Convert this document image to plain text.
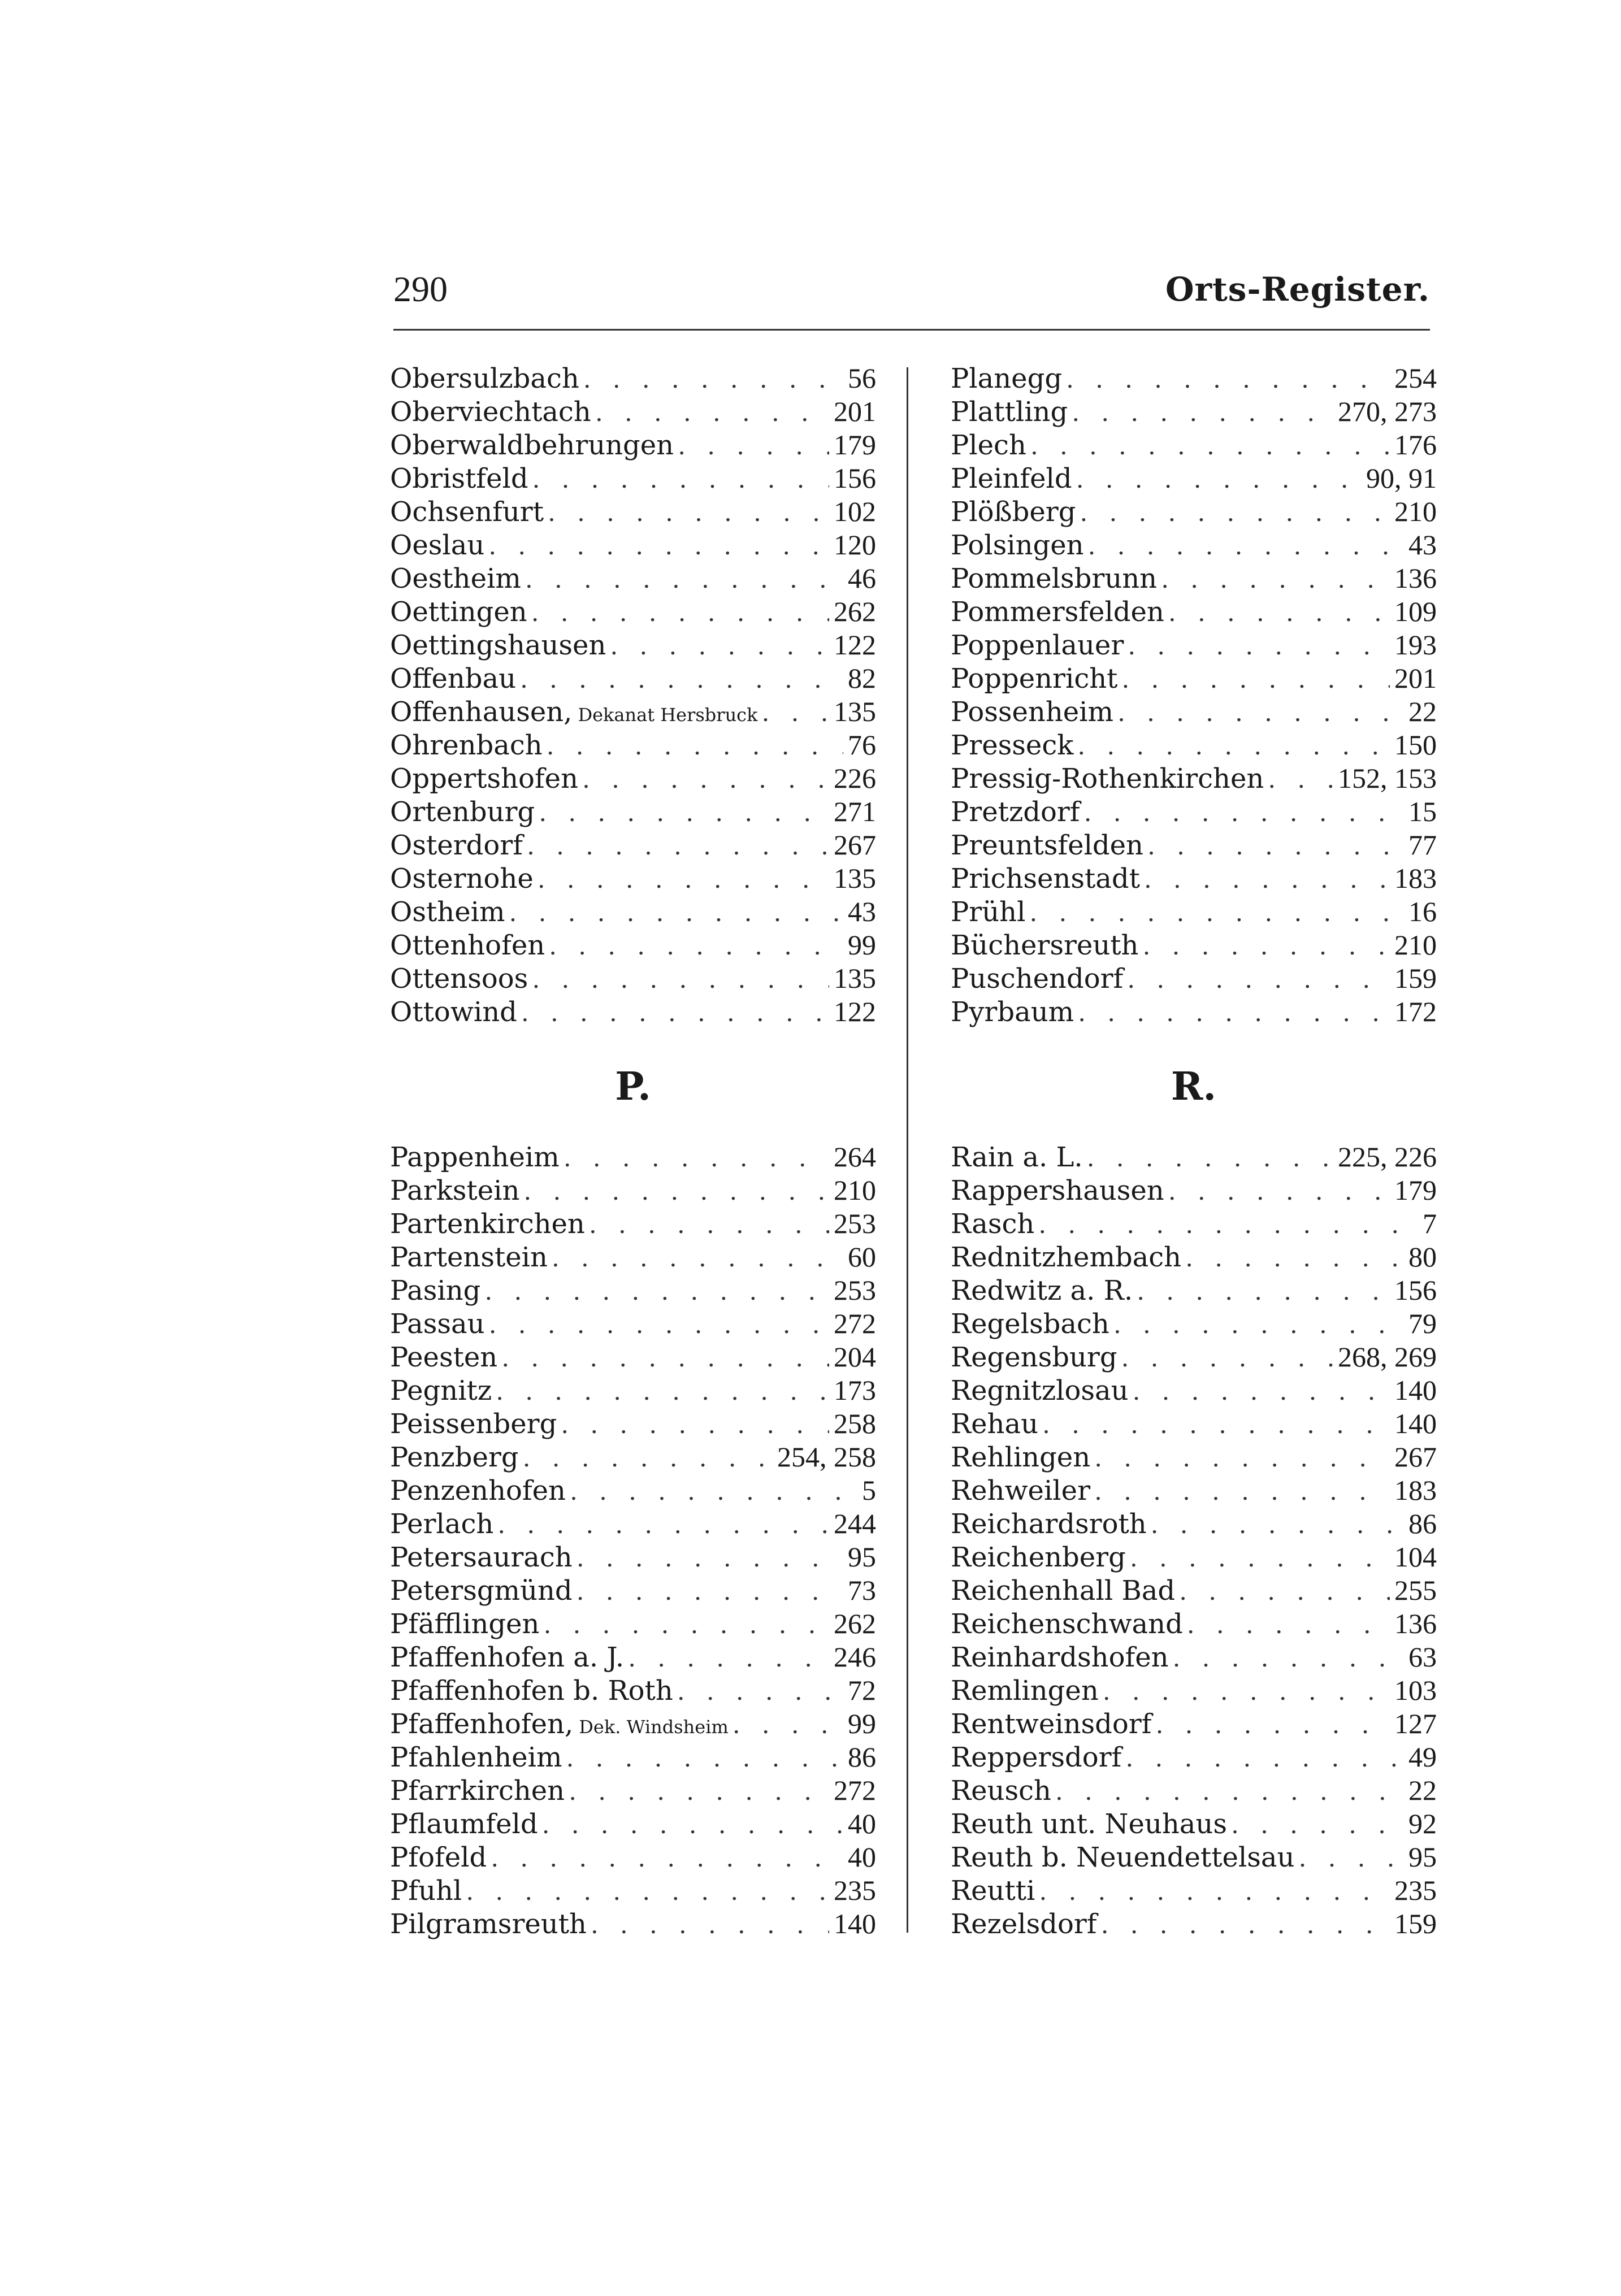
290	Orts-Register.
Obersulzbach . . .	56
Oberviechtach . . .	201
Oberwaldbehrungen . . .	179
Obristfeld . . .	156
Ochsenfurt . . .	102
Oeslau . . .	120
Oestheim . . .	46
Oettingen . . .	262
Oettingshausen . . .	122
Offenbau . . .	82
Offenhausen, Dekanat Hersbruck . . .	135
Ohrenbach . . .	76
Oppertshofen . . .	226
Ortenburg . . .	271
Osterdorf . . .	267
Osternohe . . .	135
Ostheim . . .	43
Ottenhofen . . .	99
Ottensoos . . .	135
Ottowind . . .	122
Planegg . . .	254
Plattling . . .	270, 273
Plech . . .	176
Pleinfeld . . .	90, 91
Plößberg . . .	210
Polsingen . . .	43
Pommelsbrunn . . .	136
Pommersfelden . . .	109
Poppenlauer . . .	193
Poppenricht . . .	201
Possenheim . . .	22
Presseck . . .	150
Pressig-Rothenkirchen . . .	152, 153
Pretzdorf . . .	15
Preuntsfelden . . .	77
Prichsenstadt . . .	183
Prühl . . .	16
Büchersreuth . . .	210
Puschendorf . . .	159
Pyrbaum . . .	172
P.	R.
Pappenheim . . .	264
Parkstein . . .	210
Partenkirchen . . .	253
Partenstein . . .	60
Pasing . . .	253
Passau . . .	272
Peesten . . .	204
Pegnitz . . .	173
Peissenberg . . .	258
Penzberg . . .	254, 258
Penzenhofen . . .	5
Perlach . . .	244
Petersaurach . . .	95
Petersgmünd . . .	73
Pfäfflingen . . .	262
Pfaffenhofen a. J. . . .	246
Pfaffenhofen b. Roth . . .	72
Pfaffenhofen, Dek. Windsheim . . .	99
Pfahlenheim . . .	86
Pfarrkirchen . . .	272
Pflaumfeld . . .	40
Pfofeld . . .	40
Pfuhl . . .	235
Pilgramsreuth . . .	140
Rain a. L. . . .	225, 226
Rappershausen . . .	179
Rasch . . .	7
Rednitzhembach . . .	80
Redwitz a. R. . . .	156
Regelsbach . . .	79
Regensburg . . .	268, 269
Regnitzlosau . . .	140
Rehau . . .	140
Rehlingen . . .	267
Rehweiler . . .	183
Reichardsroth . . .	86
Reichenberg . . .	104
Reichenhall Bad . . .	255
Reichenschwand . . .	136
Reinhardshofen . . .	63
Remlingen . . .	103
Rentweinsdorf . . .	127
Reppersdorf . . .	49
Reusch . . .	22
Reuth unt. Neuhaus . . .	92
Reuth b. Neuendettelsau . . .	95
Reutti . . .	235
Rezelsdorf . . .	159
